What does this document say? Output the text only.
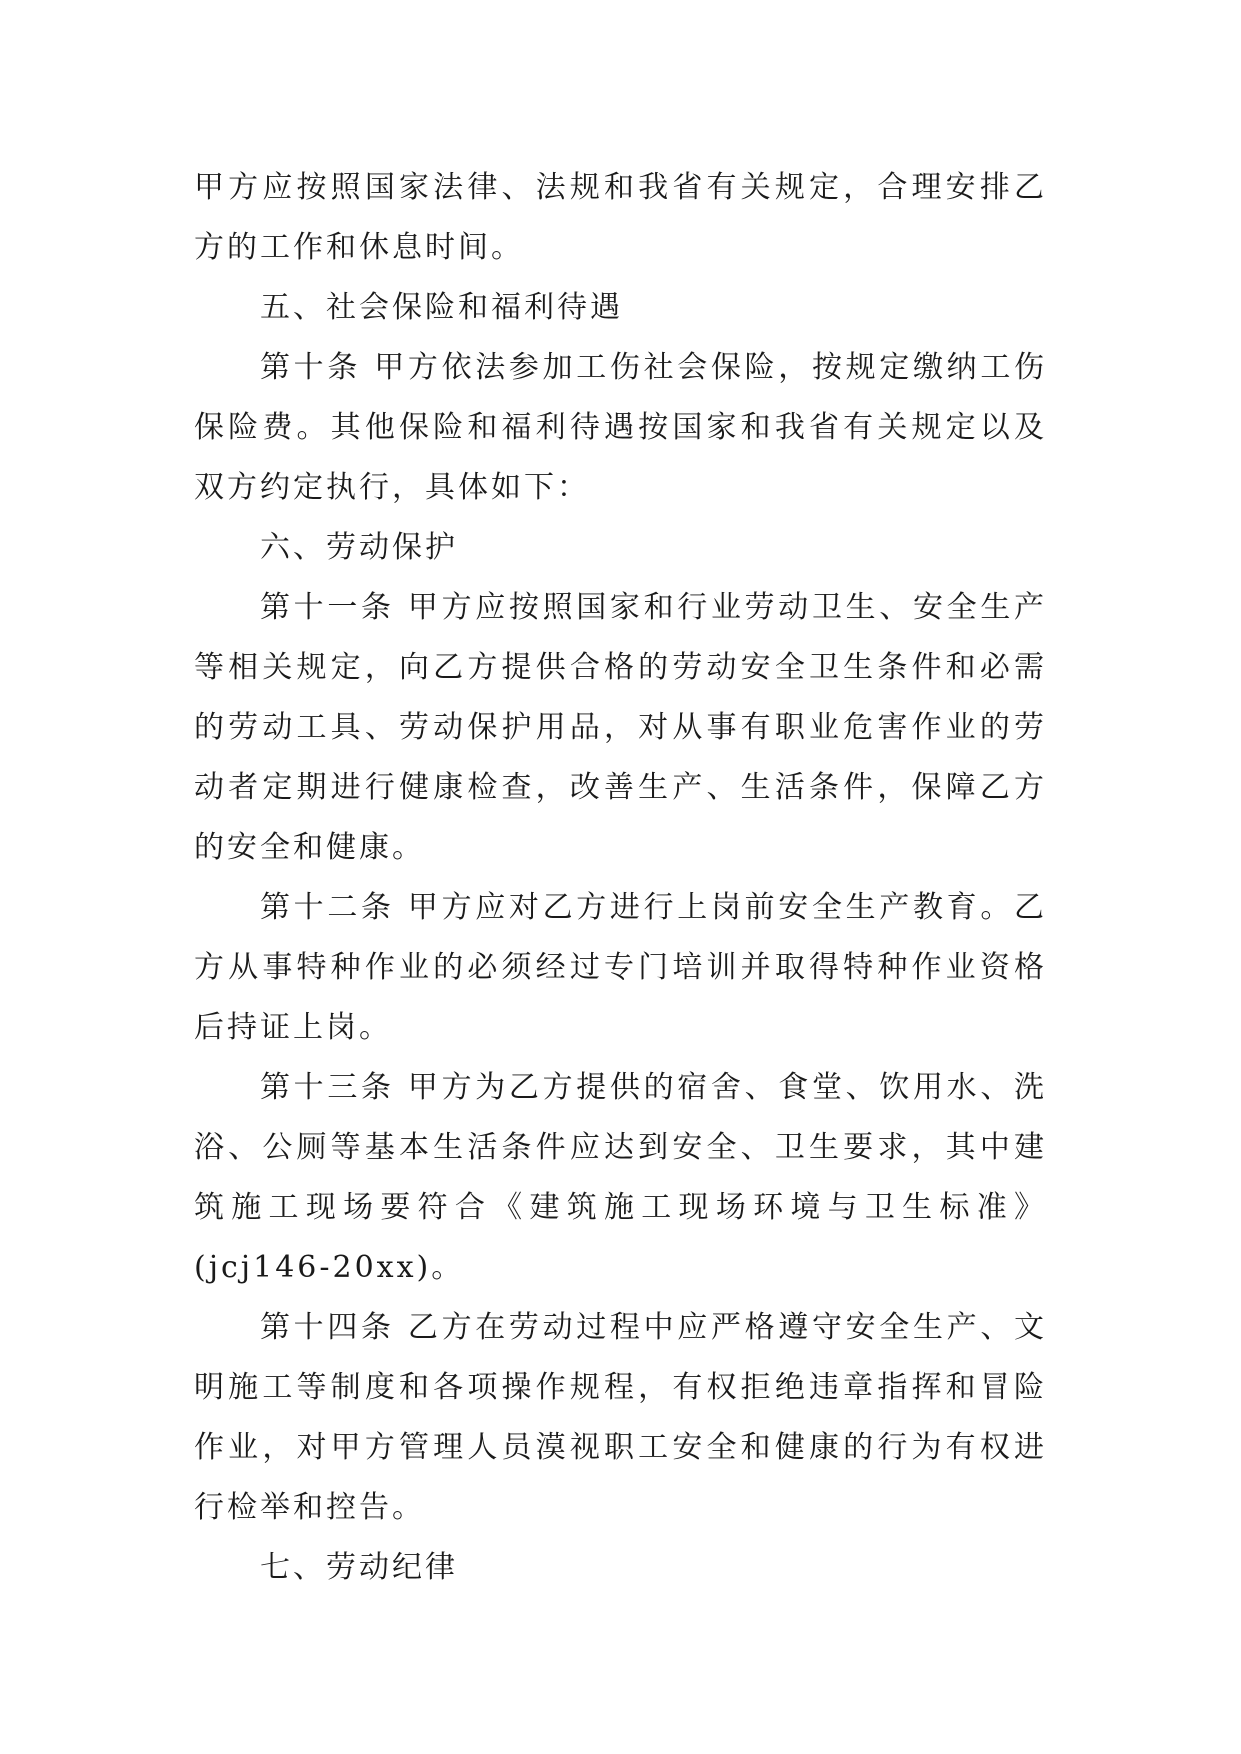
甲方应按照国家法律、法规和我省有关规定，合理安排乙方的工作和休息时间。

五、社会保险和福利待遇

第十条 甲方依法参加工伤社会保险，按规定缴纳工伤保险费。其他保险和福利待遇按国家和我省有关规定以及双方约定执行，具体如下：

六、劳动保护

第十一条 甲方应按照国家和行业劳动卫生、安全生产等相关规定，向乙方提供合格的劳动安全卫生条件和必需的劳动工具、劳动保护用品，对从事有职业危害作业的劳动者定期进行健康检查，改善生产、生活条件，保障乙方的安全和健康。

第十二条 甲方应对乙方进行上岗前安全生产教育。乙方从事特种作业的必须经过专门培训并取得特种作业资格后持证上岗。

第十三条 甲方为乙方提供的宿舍、食堂、饮用水、洗浴、公厕等基本生活条件应达到安全、卫生要求，其中建筑施工现场要符合《建筑施工现场环境与卫生标准》(jcj146-20xx)。

第十四条 乙方在劳动过程中应严格遵守安全生产、文明施工等制度和各项操作规程，有权拒绝违章指挥和冒险作业，对甲方管理人员漠视职工安全和健康的行为有权进行检举和控告。

七、劳动纪律
